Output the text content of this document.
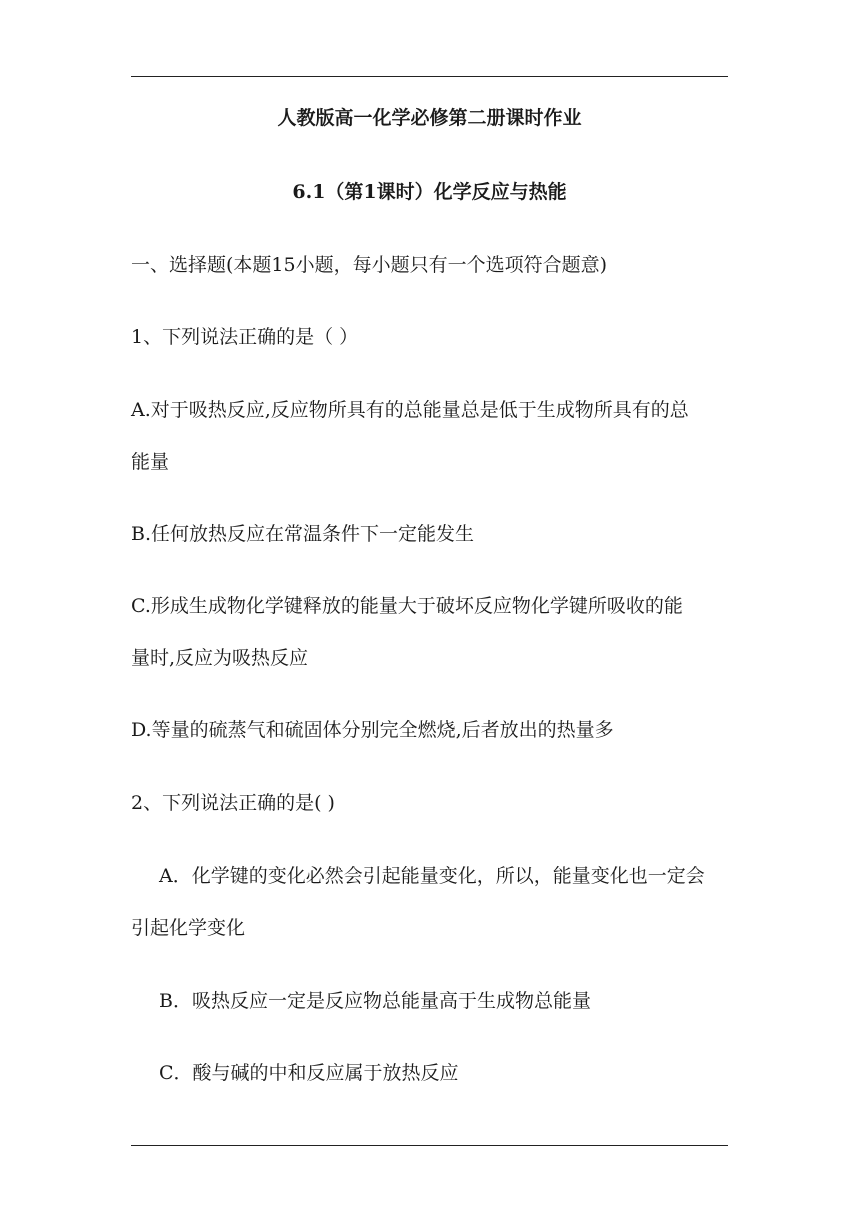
人教版高一化学必修第二册课时作业
6.1（第1课时）化学反应与热能
一、选择题(本题15小题，每小题只有一个选项符合题意)
1、下列说法正确的是（ ）
A.对于吸热反应,反应物所具有的总能量总是低于生成物所具有的总
能量
B.任何放热反应在常温条件下一定能发生
C.形成生成物化学键释放的能量大于破坏反应物化学键所吸收的能
量时,反应为吸热反应
D.等量的硫蒸气和硫固体分别完全燃烧,后者放出的热量多
2、下列说法正确的是( )
A．化学键的变化必然会引起能量变化，所以，能量变化也一定会
引起化学变化
B．吸热反应一定是反应物总能量高于生成物总能量
C．酸与碱的中和反应属于放热反应
